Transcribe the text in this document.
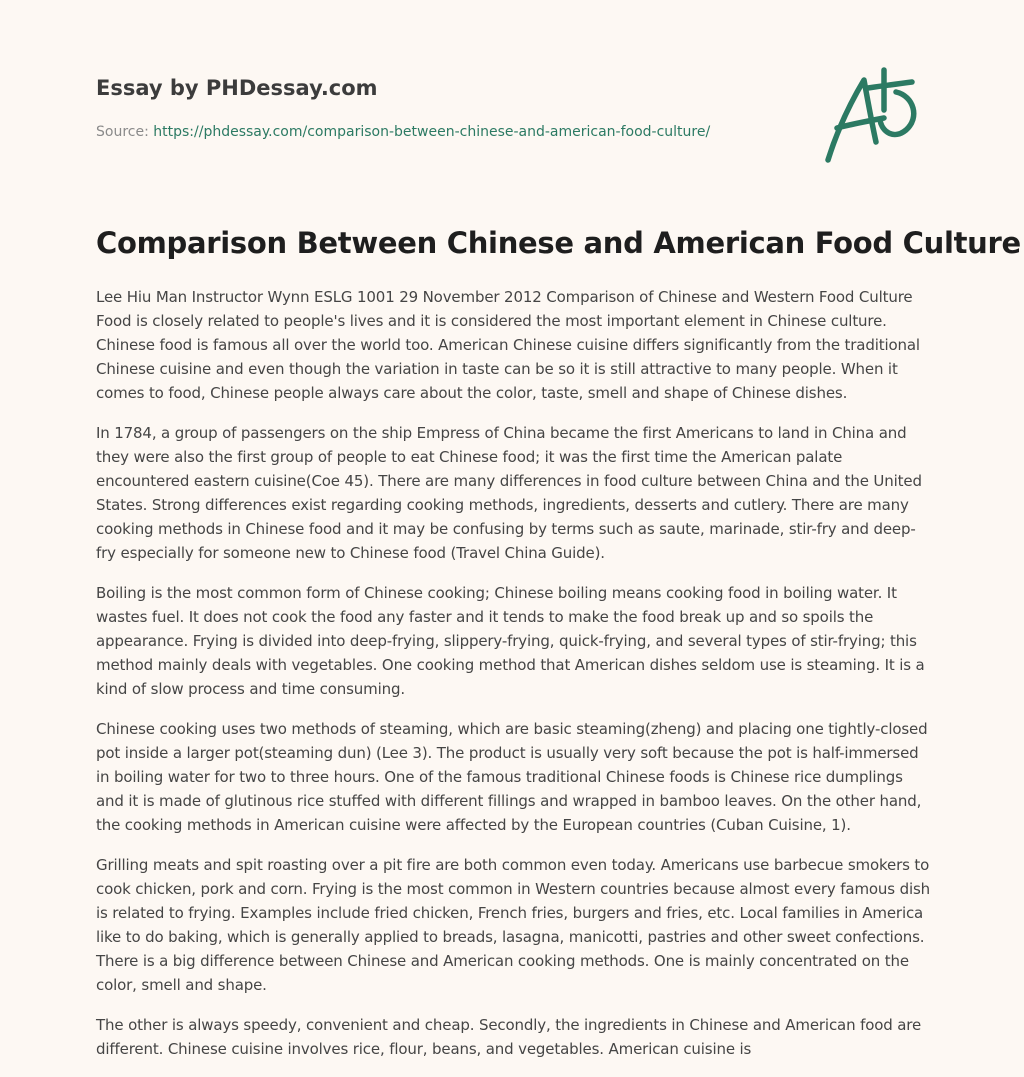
Essay by PHDessay.com
Source: https://phdessay.com/comparison-between-chinese-and-american-food-culture/
Comparison Between Chinese and American Food Culture

Lee Hiu Man Instructor Wynn ESLG 1001 29 November 2012 Comparison of Chinese and Western Food Culture Food is closely related to people's lives and it is considered the most important element in Chinese culture. Chinese food is famous all over the world too. American Chinese cuisine differs significantly from the traditional Chinese cuisine and even though the variation in taste can be so it is still attractive to many people. When it comes to food, Chinese people always care about the color, taste, smell and shape of Chinese dishes.

In 1784, a group of passengers on the ship Empress of China became the first Americans to land in China and they were also the first group of people to eat Chinese food; it was the first time the American palate encountered eastern cuisine(Coe 45). There are many differences in food culture between China and the United States. Strong differences exist regarding cooking methods, ingredients, desserts and cutlery. There are many cooking methods in Chinese food and it may be confusing by terms such as saute, marinade, stir-fry and deep-fry especially for someone new to Chinese food (Travel China Guide).

Boiling is the most common form of Chinese cooking; Chinese boiling means cooking food in boiling water. It wastes fuel. It does not cook the food any faster and it tends to make the food break up and so spoils the appearance. Frying is divided into deep-frying, slippery-frying, quick-frying, and several types of stir-frying; this method mainly deals with vegetables. One cooking method that American dishes seldom use is steaming. It is a kind of slow process and time consuming.

Chinese cooking uses two methods of steaming, which are basic steaming(zheng) and placing one tightly-closed pot inside a larger pot(steaming dun) (Lee 3). The product is usually very soft because the pot is half-immersed in boiling water for two to three hours. One of the famous traditional Chinese foods is Chinese rice dumplings and it is made of glutinous rice stuffed with different fillings and wrapped in bamboo leaves. On the other hand, the cooking methods in American cuisine were affected by the European countries (Cuban Cuisine, 1).

Grilling meats and spit roasting over a pit fire are both common even today. Americans use barbecue smokers to cook chicken, pork and corn. Frying is the most common in Western countries because almost every famous dish is related to frying. Examples include fried chicken, French fries, burgers and fries, etc. Local families in America like to do baking, which is generally applied to breads, lasagna, manicotti, pastries and other sweet confections. There is a big difference between Chinese and American cooking methods. One is mainly concentrated on the color, smell and shape.

The other is always speedy, convenient and cheap. Secondly, the ingredients in Chinese and American food are different. Chinese cuisine involves rice, flour, beans, and vegetables. American cuisine is
